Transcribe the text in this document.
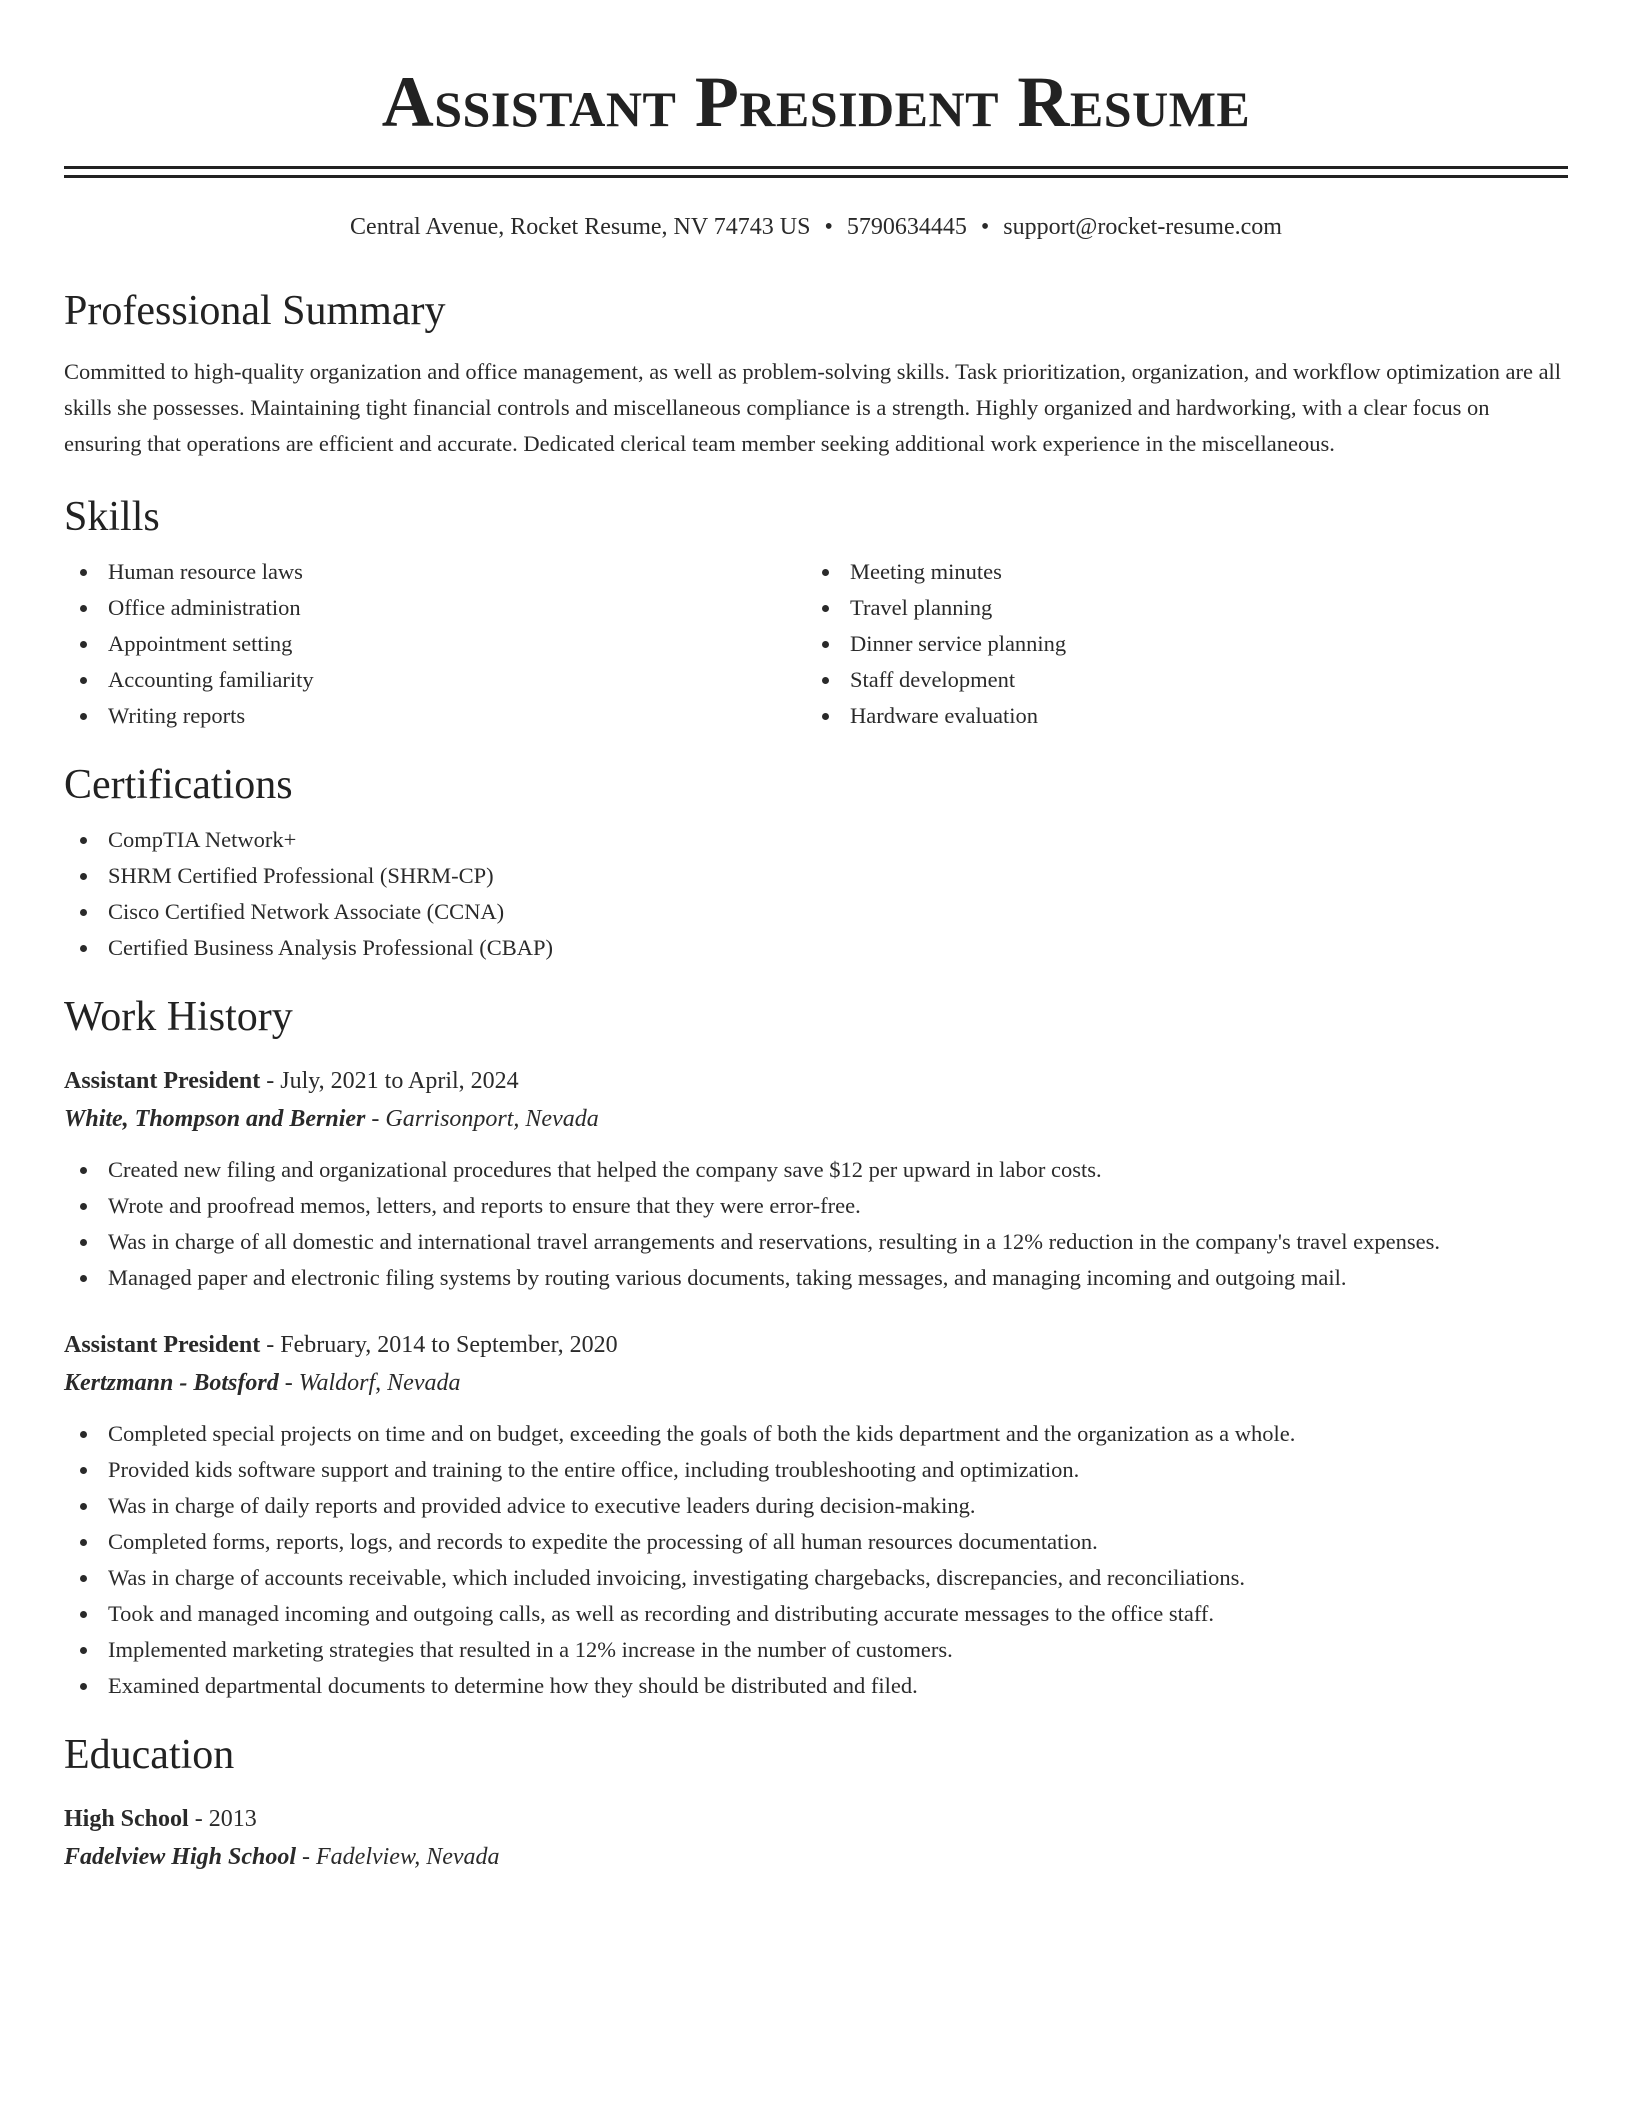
Assistant President Resume
Central Avenue, Rocket Resume, NV 74743 US • 5790634445 • support@rocket-resume.com
Professional Summary
Committed to high-quality organization and office management, as well as problem-solving skills. Task prioritization, organization, and workflow optimization are all skills she possesses. Maintaining tight financial controls and miscellaneous compliance is a strength. Highly organized and hardworking, with a clear focus on ensuring that operations are efficient and accurate. Dedicated clerical team member seeking additional work experience in the miscellaneous.
Skills
Human resource laws
Office administration
Appointment setting
Accounting familiarity
Writing reports
Meeting minutes
Travel planning
Dinner service planning
Staff development
Hardware evaluation
Certifications
CompTIA Network+
SHRM Certified Professional (SHRM-CP)
Cisco Certified Network Associate (CCNA)
Certified Business Analysis Professional (CBAP)
Work History
Assistant President - July, 2021 to April, 2024
White, Thompson and Bernier - Garrisonport, Nevada
Created new filing and organizational procedures that helped the company save $12 per upward in labor costs.
Wrote and proofread memos, letters, and reports to ensure that they were error-free.
Was in charge of all domestic and international travel arrangements and reservations, resulting in a 12% reduction in the company's travel expenses.
Managed paper and electronic filing systems by routing various documents, taking messages, and managing incoming and outgoing mail.
Assistant President - February, 2014 to September, 2020
Kertzmann - Botsford - Waldorf, Nevada
Completed special projects on time and on budget, exceeding the goals of both the kids department and the organization as a whole.
Provided kids software support and training to the entire office, including troubleshooting and optimization.
Was in charge of daily reports and provided advice to executive leaders during decision-making.
Completed forms, reports, logs, and records to expedite the processing of all human resources documentation.
Was in charge of accounts receivable, which included invoicing, investigating chargebacks, discrepancies, and reconciliations.
Took and managed incoming and outgoing calls, as well as recording and distributing accurate messages to the office staff.
Implemented marketing strategies that resulted in a 12% increase in the number of customers.
Examined departmental documents to determine how they should be distributed and filed.
Education
High School - 2013
Fadelview High School - Fadelview, Nevada
